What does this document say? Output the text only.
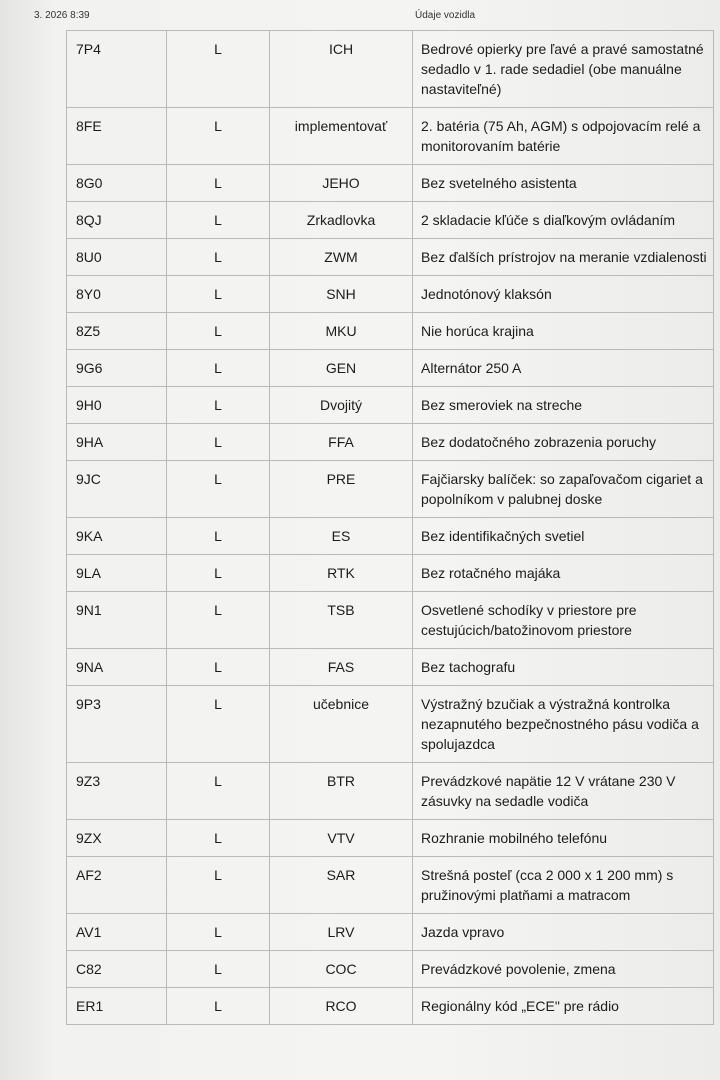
3. 2026 8:39	Údaje vozidla
7P4	L	ICH	Bedrové opierky pre ľavé a pravé samostatné
sedadlo v 1. rade sedadiel (obe manuálne
nastaviteľné)

8FE	L	implementovať	2. batéria (75 Ah, AGM) s odpojovacím relé a
monitorovaním batérie

8G0	L	JEHO	Bez svetelného asistenta

8QJ	L	Zrkadlovka	2 skladacie kľúče s diaľkovým ovládaním

8U0	L	ZWM	Bez ďalších prístrojov na meranie vzdialenosti

8Y0	L	SNH	Jednotónový klaksón

8Z5	L	MKU	Nie horúca krajina

9G6	L	GEN	Alternátor 250 A

9H0	L	Dvojitý	Bez smeroviek na streche

9HA	L	FFA	Bez dodatočného zobrazenia poruchy

9JC	L	PRE	Fajčiarsky balíček: so zapaľovačom cigariet a
popolníkom v palubnej doske

9KA	L	ES	Bez identifikačných svetiel

9LA	L	RTK	Bez rotačného majáka

9N1	L	TSB	Osvetlené schodíky v priestore pre
cestujúcich/batožinovom priestore

9NA	L	FAS	Bez tachografu

9P3	L	učebnice	Výstražný bzučiak a výstražná kontrolka
nezapnutého bezpečnostného pásu vodiča a
spolujazdca

9Z3	L	BTR	Prevádzkové napätie 12 V vrátane 230 V
zásuvky na sedadle vodiča

9ZX	L	VTV	Rozhranie mobilného telefónu

AF2	L	SAR	Strešná posteľ (cca 2 000 x 1 200 mm) s
pružinovými platňami a matracom

AV1	L	LRV	Jazda vpravo

C82	L	COC	Prevádzkové povolenie, zmena

ER1	L	RCO	Regionálny kód „ECE" pre rádio
